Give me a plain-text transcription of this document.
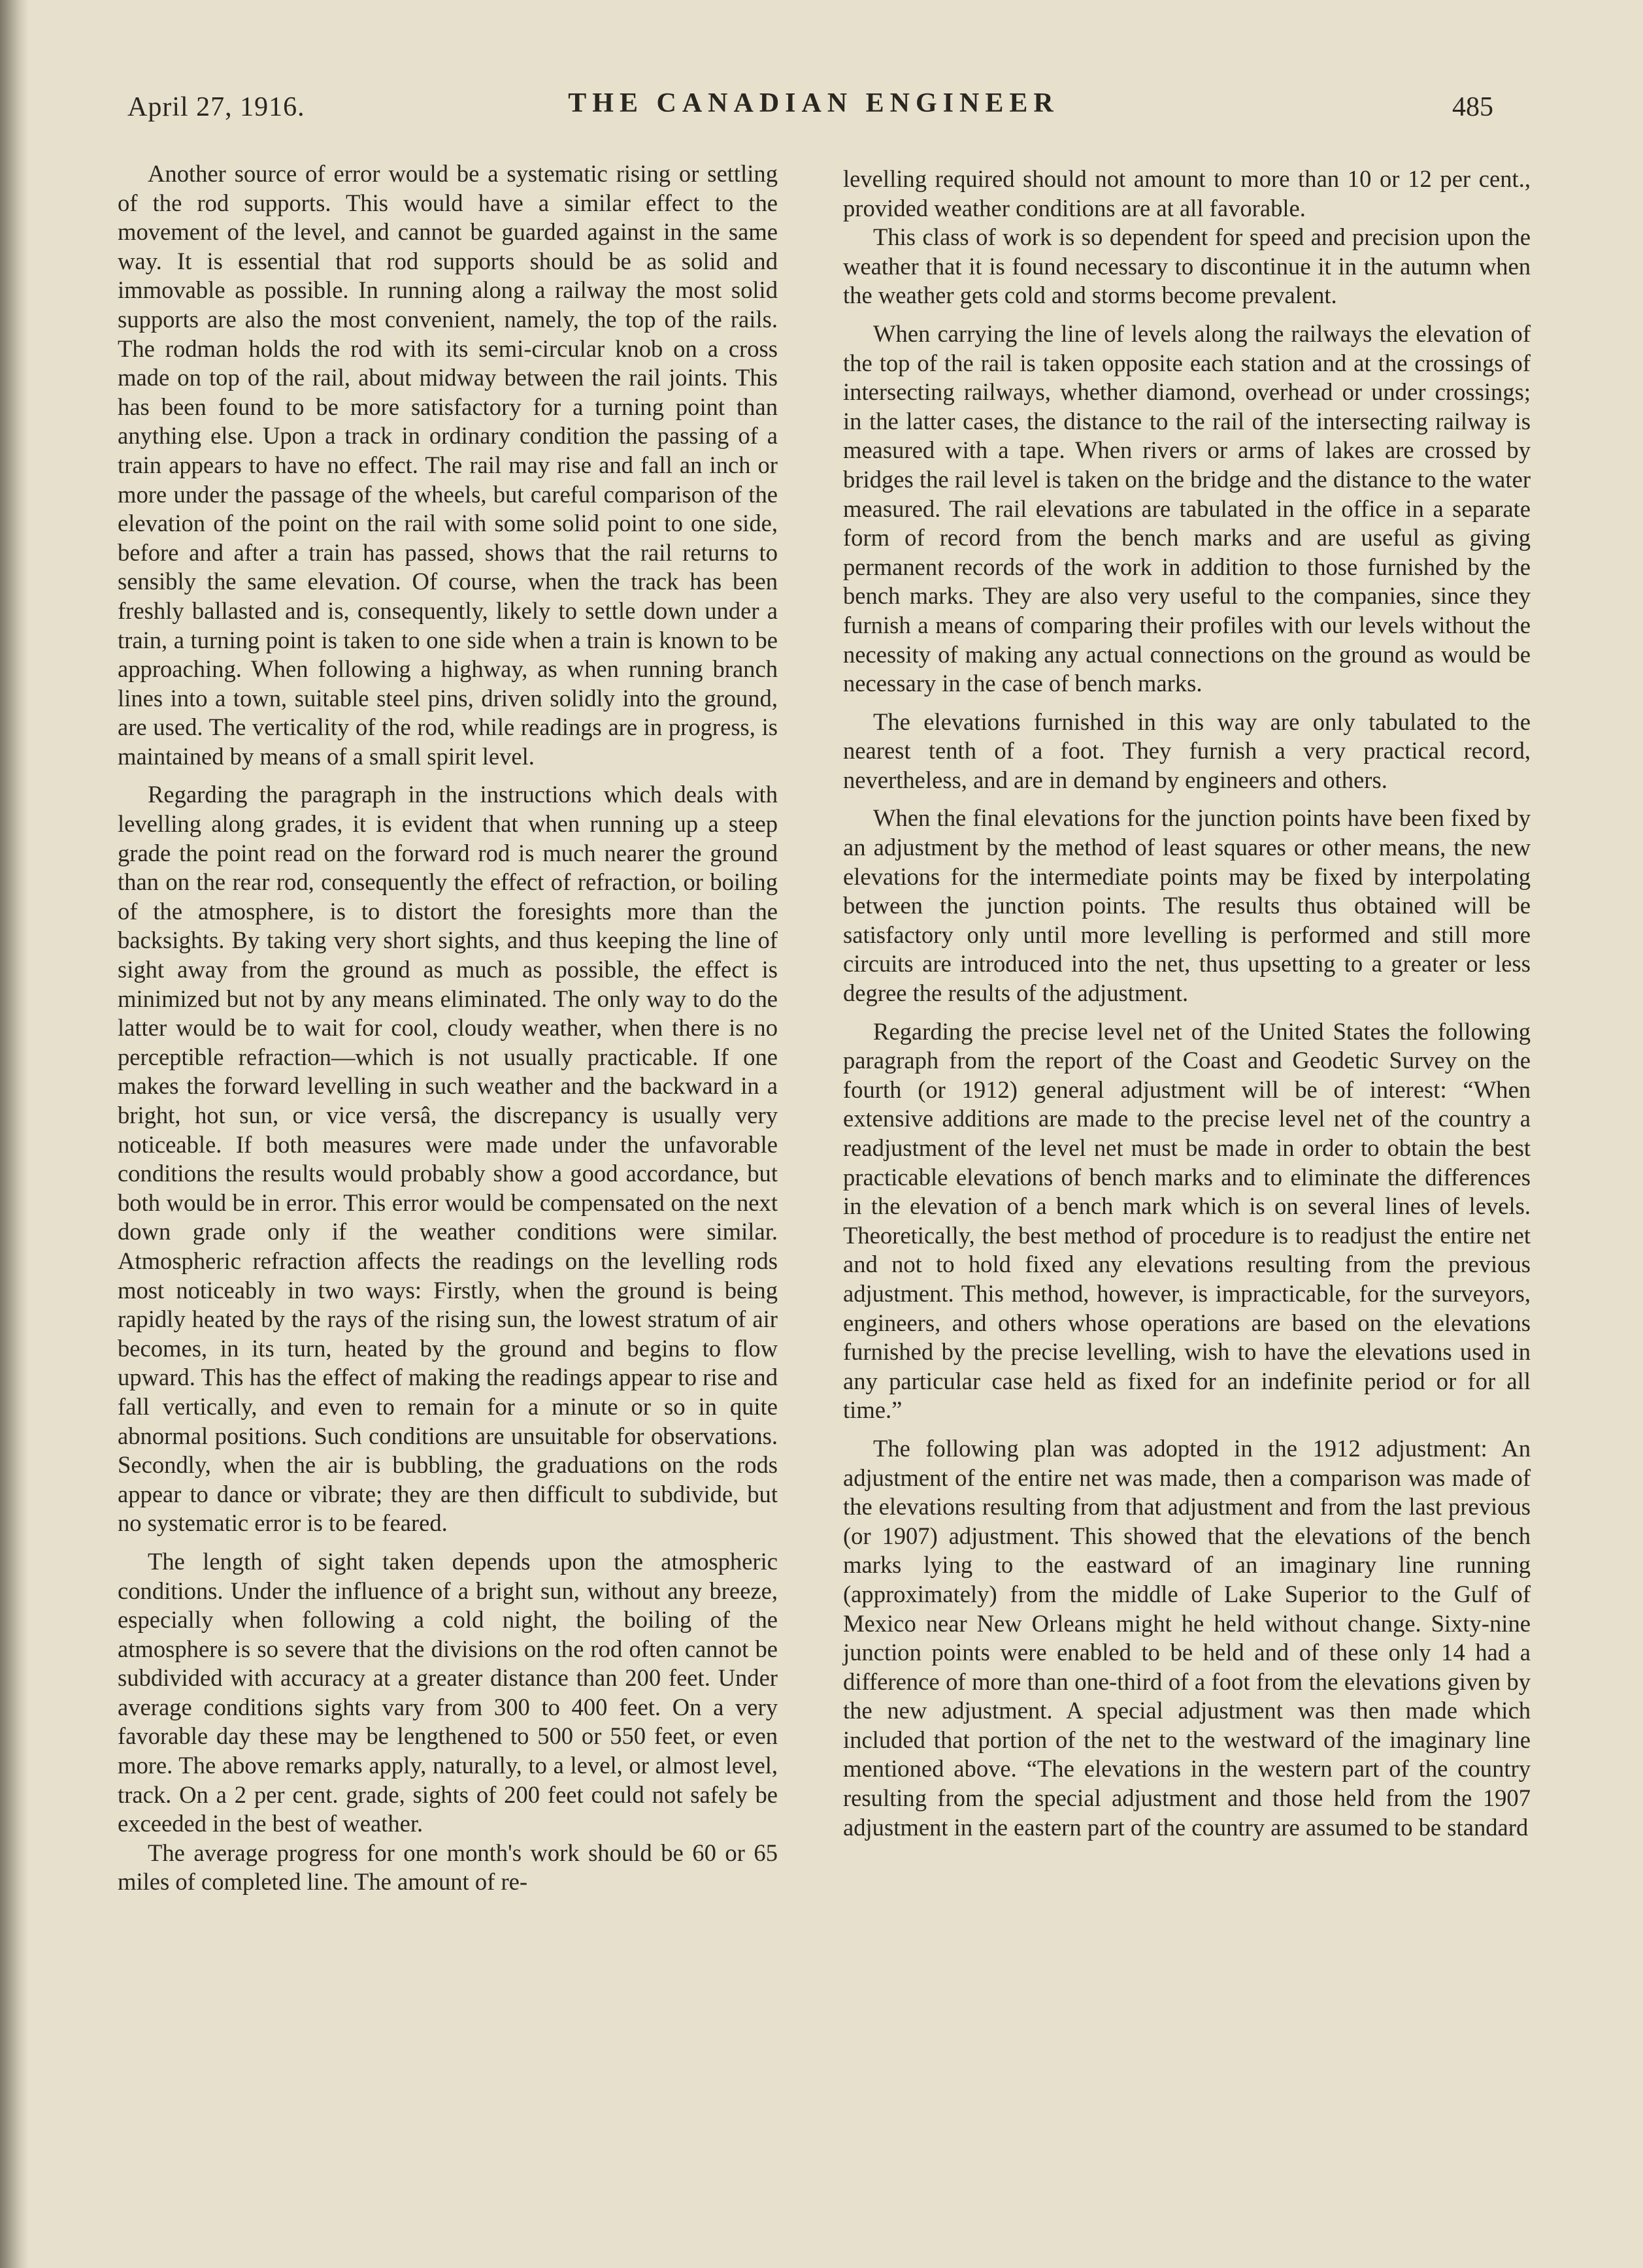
April 27, 1916.	THE CANADIAN ENGINEER	485

Another source of error would be a systematic rising or settling of the rod supports. This would have a similar effect to the movement of the level, and cannot be guarded against in the same way. It is essential that rod supports should be as solid and immovable as possible. In running along a railway the most solid supports are also the most convenient, namely, the top of the rails. The rodman holds the rod with its semi-circular knob on a cross made on top of the rail, about midway between the rail joints. This has been found to be more satisfactory for a turning point than anything else. Upon a track in ordinary condition the passing of a train appears to have no effect. The rail may rise and fall an inch or more under the passage of the wheels, but careful comparison of the elevation of the point on the rail with some solid point to one side, before and after a train has passed, shows that the rail returns to sensibly the same elevation. Of course, when the track has been freshly ballasted and is, consequently, likely to settle down under a train, a turning point is taken to one side when a train is known to be approaching. When following a highway, as when running branch lines into a town, suitable steel pins, driven solidly into the ground, are used. The verticality of the rod, while readings are in progress, is maintained by means of a small spirit level.

Regarding the paragraph in the instructions which deals with levelling along grades, it is evident that when running up a steep grade the point read on the forward rod is much nearer the ground than on the rear rod, consequently the effect of refraction, or boiling of the atmosphere, is to distort the foresights more than the backsights. By taking very short sights, and thus keeping the line of sight away from the ground as much as possible, the effect is minimized but not by any means eliminated. The only way to do the latter would be to wait for cool, cloudy weather, when there is no perceptible refraction—which is not usually practicable. If one makes the forward levelling in such weather and the backward in a bright, hot sun, or vice versâ, the discrepancy is usually very noticeable. If both measures were made under the unfavorable conditions the results would probably show a good accordance, but both would be in error. This error would be compensated on the next down grade only if the weather conditions were similar. Atmospheric refraction affects the readings on the levelling rods most noticeably in two ways: Firstly, when the ground is being rapidly heated by the rays of the rising sun, the lowest stratum of air becomes, in its turn, heated by the ground and begins to flow upward. This has the effect of making the readings appear to rise and fall vertically, and even to remain for a minute or so in quite abnormal positions. Such conditions are unsuitable for observations. Secondly, when the air is bubbling, the graduations on the rods appear to dance or vibrate; they are then difficult to subdivide, but no systematic error is to be feared.

The length of sight taken depends upon the atmospheric conditions. Under the influence of a bright sun, without any breeze, especially when following a cold night, the boiling of the atmosphere is so severe that the divisions on the rod often cannot be subdivided with accuracy at a greater distance than 200 feet. Under average conditions sights vary from 300 to 400 feet. On a very favorable day these may be lengthened to 500 or 550 feet, or even more. The above remarks apply, naturally, to a level, or almost level, track. On a 2 per cent. grade, sights of 200 feet could not safely be exceeded in the best of weather.

The average progress for one month's work should be 60 or 65 miles of completed line. The amount of re-

levelling required should not amount to more than 10 or 12 per cent., provided weather conditions are at all favorable.

This class of work is so dependent for speed and precision upon the weather that it is found necessary to discontinue it in the autumn when the weather gets cold and storms become prevalent.

When carrying the line of levels along the railways the elevation of the top of the rail is taken opposite each station and at the crossings of intersecting railways, whether diamond, overhead or under crossings; in the latter cases, the distance to the rail of the intersecting railway is measured with a tape. When rivers or arms of lakes are crossed by bridges the rail level is taken on the bridge and the distance to the water measured. The rail elevations are tabulated in the office in a separate form of record from the bench marks and are useful as giving permanent records of the work in addition to those furnished by the bench marks. They are also very useful to the companies, since they furnish a means of comparing their profiles with our levels without the necessity of making any actual connections on the ground as would be necessary in the case of bench marks.

The elevations furnished in this way are only tabulated to the nearest tenth of a foot. They furnish a very practical record, nevertheless, and are in demand by engineers and others.

When the final elevations for the junction points have been fixed by an adjustment by the method of least squares or other means, the new elevations for the intermediate points may be fixed by interpolating between the junction points. The results thus obtained will be satisfactory only until more levelling is performed and still more circuits are introduced into the net, thus upsetting to a greater or less degree the results of the adjustment.

Regarding the precise level net of the United States the following paragraph from the report of the Coast and Geodetic Survey on the fourth (or 1912) general adjustment will be of interest: “When extensive additions are made to the precise level net of the country a readjustment of the level net must be made in order to obtain the best practicable elevations of bench marks and to eliminate the differences in the elevation of a bench mark which is on several lines of levels. Theoretically, the best method of procedure is to readjust the entire net and not to hold fixed any elevations resulting from the previous adjustment. This method, however, is impracticable, for the surveyors, engineers, and others whose operations are based on the elevations furnished by the precise levelling, wish to have the elevations used in any particular case held as fixed for an indefinite period or for all time.”

The following plan was adopted in the 1912 adjustment: An adjustment of the entire net was made, then a comparison was made of the elevations resulting from that adjustment and from the last previous (or 1907) adjustment. This showed that the elevations of the bench marks lying to the eastward of an imaginary line running (approximately) from the middle of Lake Superior to the Gulf of Mexico near New Orleans might he held without change. Sixty-nine junction points were enabled to be held and of these only 14 had a difference of more than one-third of a foot from the elevations given by the new adjustment. A special adjustment was then made which included that portion of the net to the westward of the imaginary line mentioned above. “The elevations in the western part of the country resulting from the special adjustment and those held from the 1907 adjustment in the eastern part of the country are assumed to be standard
